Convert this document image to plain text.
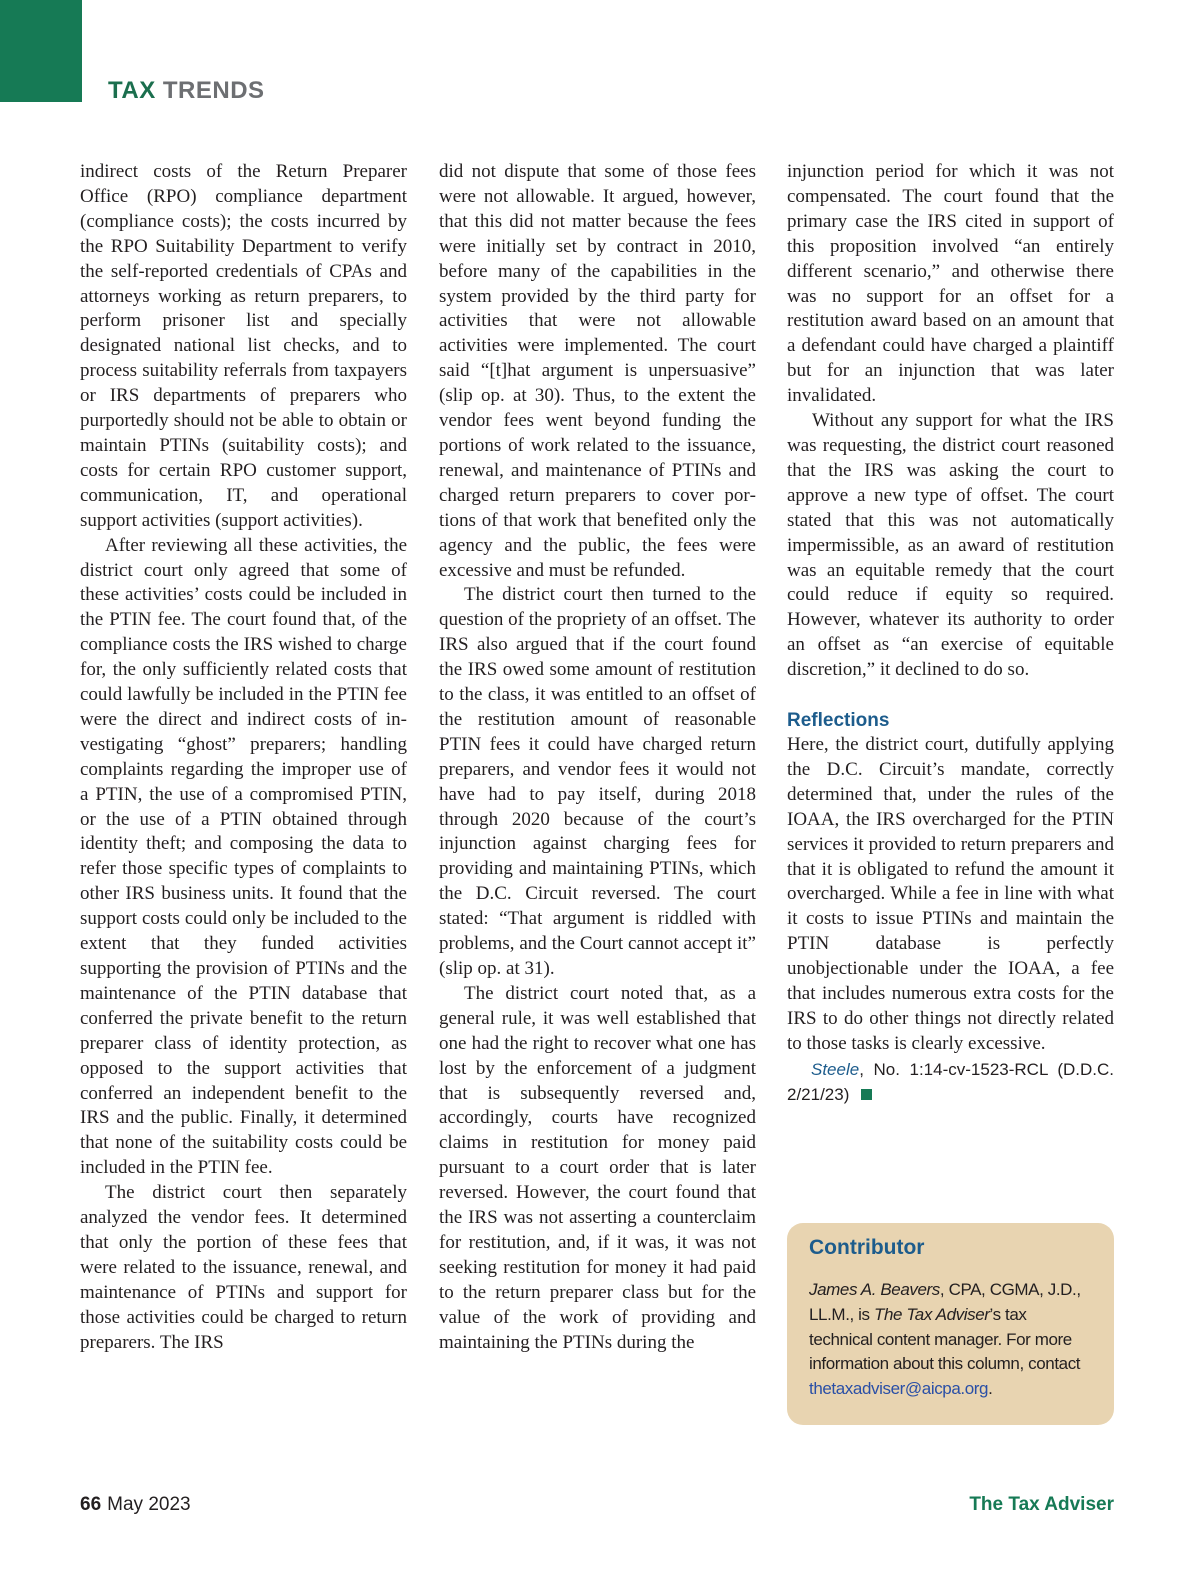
TAX TRENDS

indirect costs of the Return Preparer Office (RPO) compliance department (compliance costs); the costs incurred by the RPO Suitability Department to verify the self-reported credentials of CPAs and attorneys working as return preparers, to perform prisoner list and specially designated national list checks, and to process suitability referrals from taxpayers or IRS departments of preparers who purportedly should not be able to obtain or maintain PTINs (suitability costs); and costs for certain RPO customer support, communication, IT, and operational support activities (support activities).

After reviewing all these activities, the district court only agreed that some of these activities’ costs could be included in the PTIN fee. The court found that, of the compliance costs the IRS wished to charge for, the only sufficiently related costs that could lawfully be included in the PTIN fee were the direct and indirect costs of investigating “ghost” preparers; handling complaints regarding the improper use of a PTIN, the use of a compromised PTIN, or the use of a PTIN obtained through identity theft; and composing the data to refer those specific types of complaints to other IRS business units. It found that the support costs could only be included to the extent that they funded activities supporting the provision of PTINs and the maintenance of the PTIN database that conferred the private benefit to the return preparer class of identity protection, as opposed to the support activities that conferred an independent benefit to the IRS and the public. Finally, it determined that none of the suitability costs could be included in the PTIN fee.

The district court then separately analyzed the vendor fees. It determined that only the portion of these fees that were related to the issuance, renewal, and maintenance of PTINs and support for those activities could be charged to return preparers. The IRS

did not dispute that some of those fees were not allowable. It argued, however, that this did not matter because the fees were initially set by contract in 2010, before many of the capabilities in the system provided by the third party for activities that were not allowable activities were implemented. The court said “[t]hat argument is unpersuasive” (slip op. at 30). Thus, to the extent the vendor fees went beyond funding the portions of work related to the issuance, renewal, and maintenance of PTINs and charged return preparers to cover portions of that work that benefited only the agency and the public, the fees were excessive and must be refunded.

The district court then turned to the question of the propriety of an offset. The IRS also argued that if the court found the IRS owed some amount of restitution to the class, it was entitled to an offset of the restitution amount of reasonable PTIN fees it could have charged return preparers, and vendor fees it would not have had to pay itself, during 2018 through 2020 because of the court’s injunction against charging fees for providing and maintaining PTINs, which the D.C. Circuit reversed. The court stated: “That argument is riddled with problems, and the Court cannot accept it” (slip op. at 31).

The district court noted that, as a general rule, it was well established that one had the right to recover what one has lost by the enforcement of a judgment that is subsequently reversed and, accordingly, courts have recognized claims in restitution for money paid pursuant to a court order that is later reversed. However, the court found that the IRS was not asserting a counterclaim for restitution, and, if it was, it was not seeking restitution for money it had paid to the return preparer class but for the value of the work of providing and maintaining the PTINs during the

injunction period for which it was not compensated. The court found that the primary case the IRS cited in support of this proposition involved “an entirely different scenario,” and otherwise there was no support for an offset for a restitution award based on an amount that a defendant could have charged a plaintiff but for an injunction that was later invalidated.

Without any support for what the IRS was requesting, the district court reasoned that the IRS was asking the court to approve a new type of offset. The court stated that this was not automatically impermissible, as an award of restitution was an equitable remedy that the court could reduce if equity so required. However, whatever its authority to order an offset as “an exercise of equitable discretion,” it declined to do so.

Reflections

Here, the district court, dutifully applying the D.C. Circuit’s mandate, correctly determined that, under the rules of the IOAA, the IRS overcharged for the PTIN services it provided to return preparers and that it is obligated to refund the amount it overcharged. While a fee in line with what it costs to issue PTINs and maintain the PTIN database is perfectly unobjectionable under the IOAA, a fee that includes numerous extra costs for the IRS to do other things not directly related to those tasks is clearly excessive.

Steele, No. 1:14-cv-1523-RCL (D.D.C. 2/21/23)

Contributor

James A. Beavers, CPA, CGMA, J.D., LL.M., is The Tax Adviser’s tax technical content manager. For more information about this column, contact thetaxadviser@aicpa.org.

66 May 2023	The Tax Adviser
